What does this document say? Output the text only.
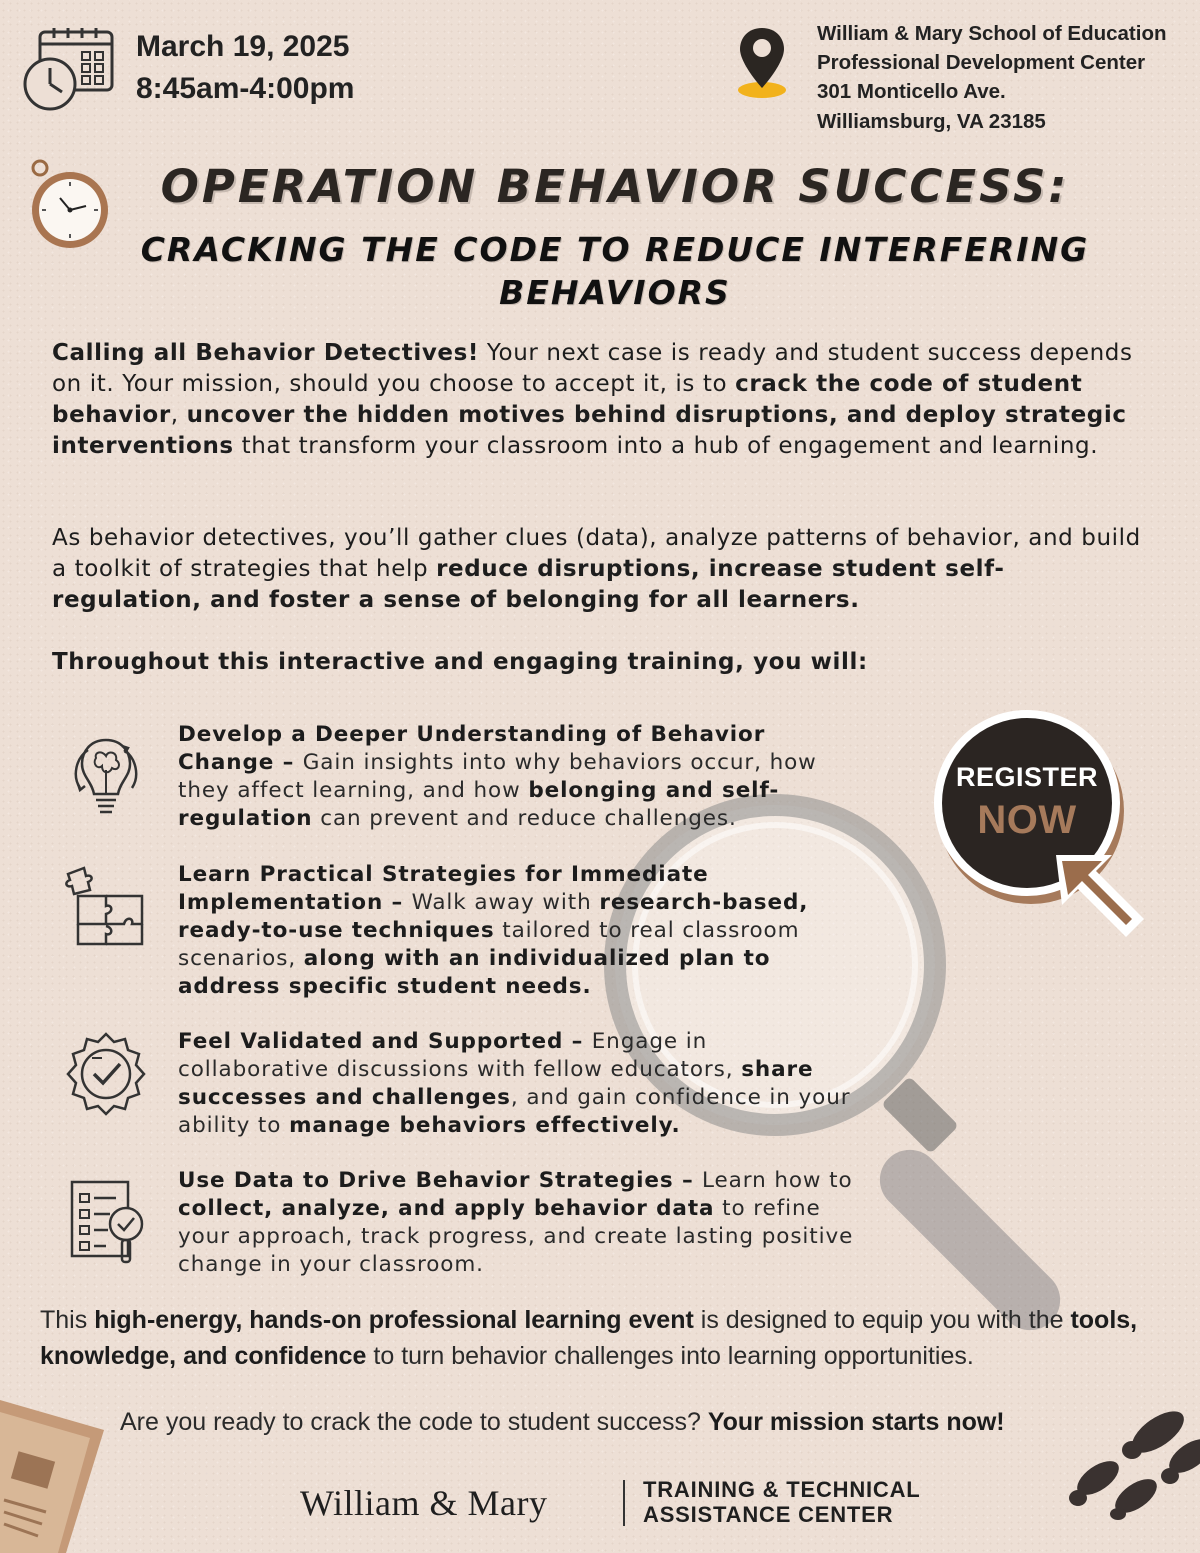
March 19, 2025
8:45am-4:00pm
William & Mary School of Education
Professional Development Center
301 Monticello Ave.
Williamsburg, VA 23185
OPERATION BEHAVIOR SUCCESS:
CRACKING THE CODE TO REDUCE INTERFERING BEHAVIORS
Calling all Behavior Detectives! Your next case is ready and student success depends on it. Your mission, should you choose to accept it, is to crack the code of student behavior, uncover the hidden motives behind disruptions, and deploy strategic interventions that transform your classroom into a hub of engagement and learning.
As behavior detectives, you’ll gather clues (data), analyze patterns of behavior, and build a toolkit of strategies that help reduce disruptions, increase student self-regulation, and foster a sense of belonging for all learners.
Throughout this interactive and engaging training, you will:
Develop a Deeper Understanding of Behavior Change – Gain insights into why behaviors occur, how they affect learning, and how belonging and self-regulation can prevent and reduce challenges.
Learn Practical Strategies for Immediate Implementation – Walk away with research-based, ready-to-use techniques tailored to real classroom scenarios, along with an individualized plan to address specific student needs.
Feel Validated and Supported – Engage in collaborative discussions with fellow educators, share successes and challenges, and gain confidence in your ability to manage behaviors effectively.
Use Data to Drive Behavior Strategies – Learn how to collect, analyze, and apply behavior data to refine your approach, track progress, and create lasting positive change in your classroom.
REGISTER
NOW
This high-energy, hands-on professional learning event is designed to equip you with the tools, knowledge, and confidence to turn behavior challenges into learning opportunities.
Are you ready to crack the code to student success? Your mission starts now!
William & Mary	TRAINING & TECHNICAL
ASSISTANCE CENTER
